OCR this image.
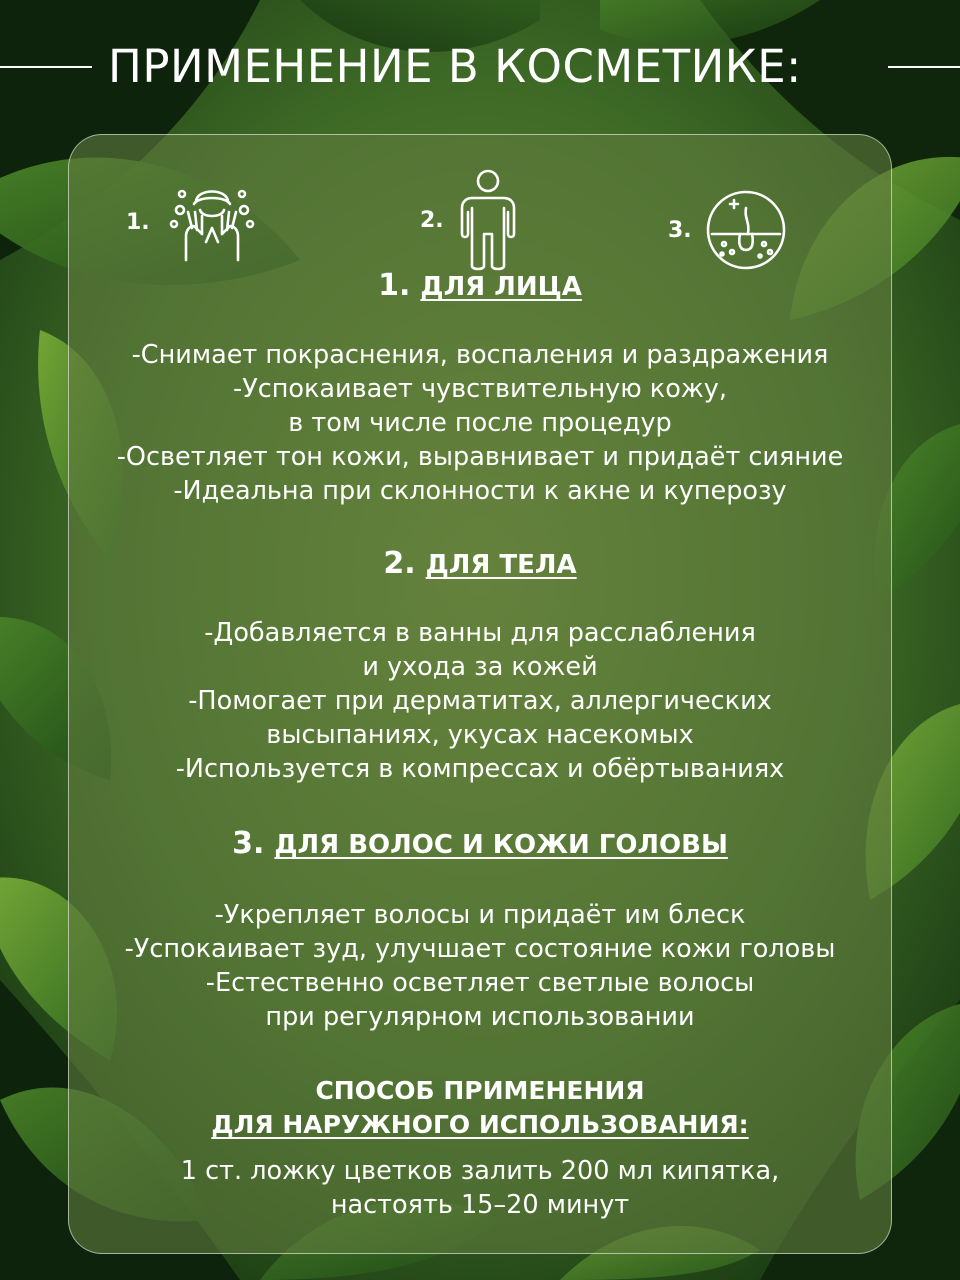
ПРИМЕНЕНИЕ В КОСМЕТИКЕ:
1.	2.	3.
1. ДЛЯ ЛИЦА
-Снимает покраснения, воспаления и раздражения
-Успокаивает чувствительную кожу,
в том числе после процедур
-Осветляет тон кожи, выравнивает и придаёт сияние
-Идеальна при склонности к акне и куперозу
2. ДЛЯ ТЕЛА
-Добавляется в ванны для расслабления
и ухода за кожей
-Помогает при дерматитах, аллергических
высыпаниях, укусах насекомых
-Используется в компрессах и обёртываниях
3. ДЛЯ ВОЛОС И КОЖИ ГОЛОВЫ
-Укрепляет волосы и придаёт им блеск
-Успокаивает зуд, улучшает состояние кожи головы
-Естественно осветляет светлые волосы
при регулярном использовании
СПОСОБ ПРИМЕНЕНИЯ
ДЛЯ НАРУЖНОГО ИСПОЛЬЗОВАНИЯ:
1 ст. ложку цветков залить 200 мл кипятка,
настоять 15–20 минут
